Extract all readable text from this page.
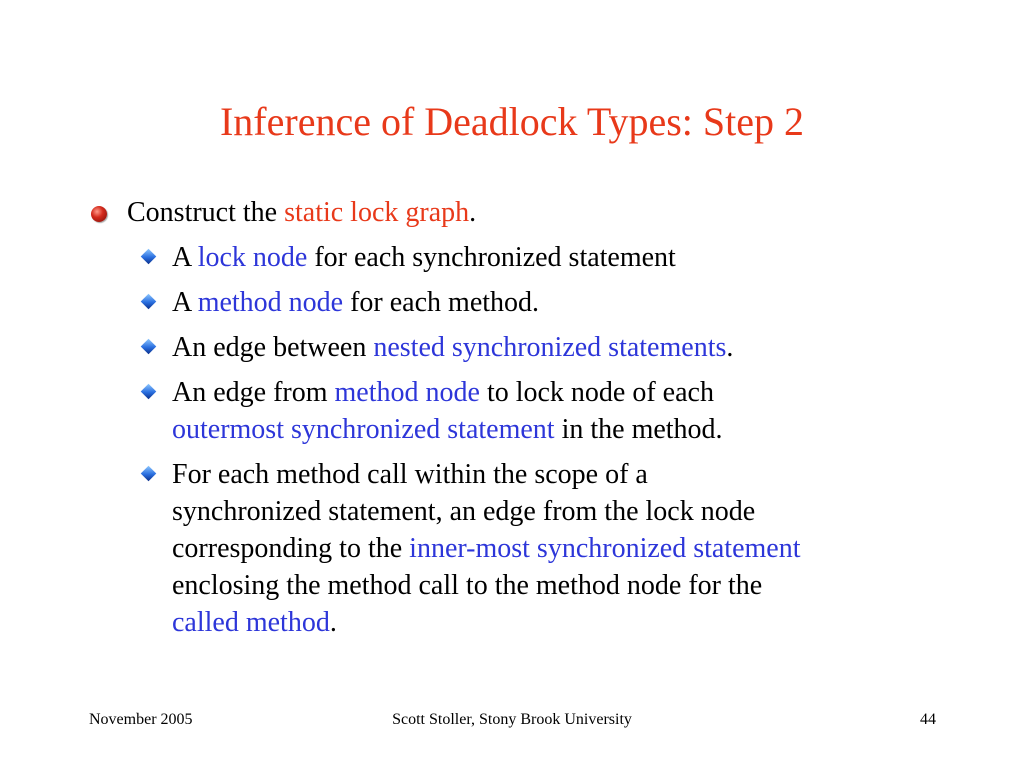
Inference of Deadlock Types: Step 2

Construct the static lock graph.

A lock node for each synchronized statement

A method node for each method.

An edge between nested synchronized statements.

An edge from method node to lock node of each

outermost synchronized statement in the method.

For each method call within the scope of a

synchronized statement, an edge from the lock node

corresponding to the inner-most synchronized statement

enclosing the method call to the method node for the

called method.

November 2005	Scott Stoller, Stony Brook University	44
